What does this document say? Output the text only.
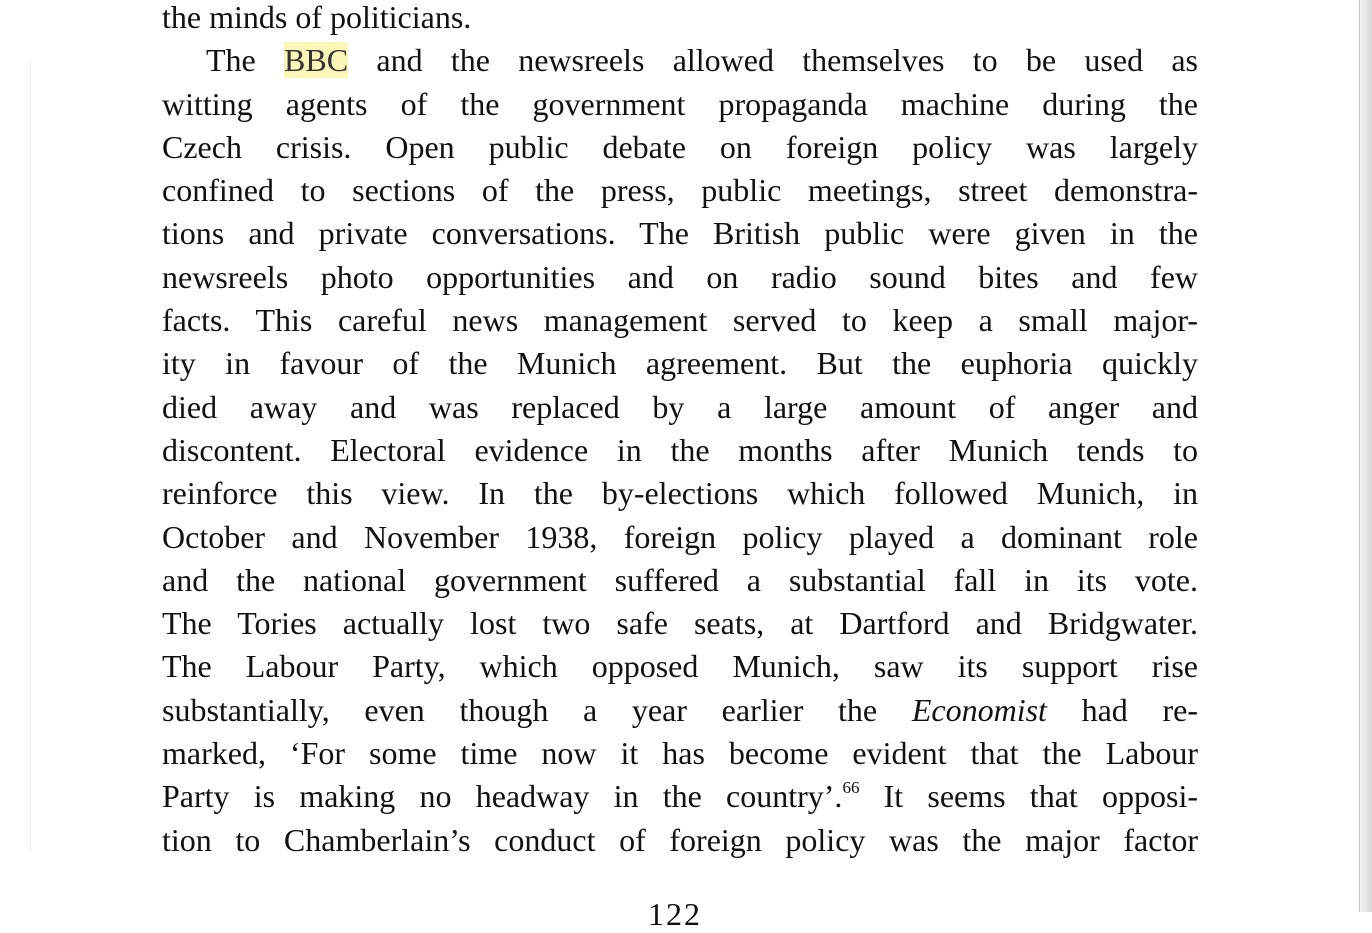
the minds of politicians.
The BBC and the newsreels allowed themselves to be used as
witting agents of the government propaganda machine during the
Czech crisis. Open public debate on foreign policy was largely
confined to sections of the press, public meetings, street demonstra-
tions and private conversations. The British public were given in the
newsreels photo opportunities and on radio sound bites and few
facts. This careful news management served to keep a small major-
ity in favour of the Munich agreement. But the euphoria quickly
died away and was replaced by a large amount of anger and
discontent. Electoral evidence in the months after Munich tends to
reinforce this view. In the by-elections which followed Munich, in
October and November 1938, foreign policy played a dominant role
and the national government suffered a substantial fall in its vote.
The Tories actually lost two safe seats, at Dartford and Bridgwater.
The Labour Party, which opposed Munich, saw its support rise
substantially, even though a year earlier the Economist had re-
marked, ‘For some time now it has become evident that the Labour
Party is making no headway in the country’.$^{66}$ It seems that opposi-
tion to Chamberlain’s conduct of foreign policy was the major factor
122
